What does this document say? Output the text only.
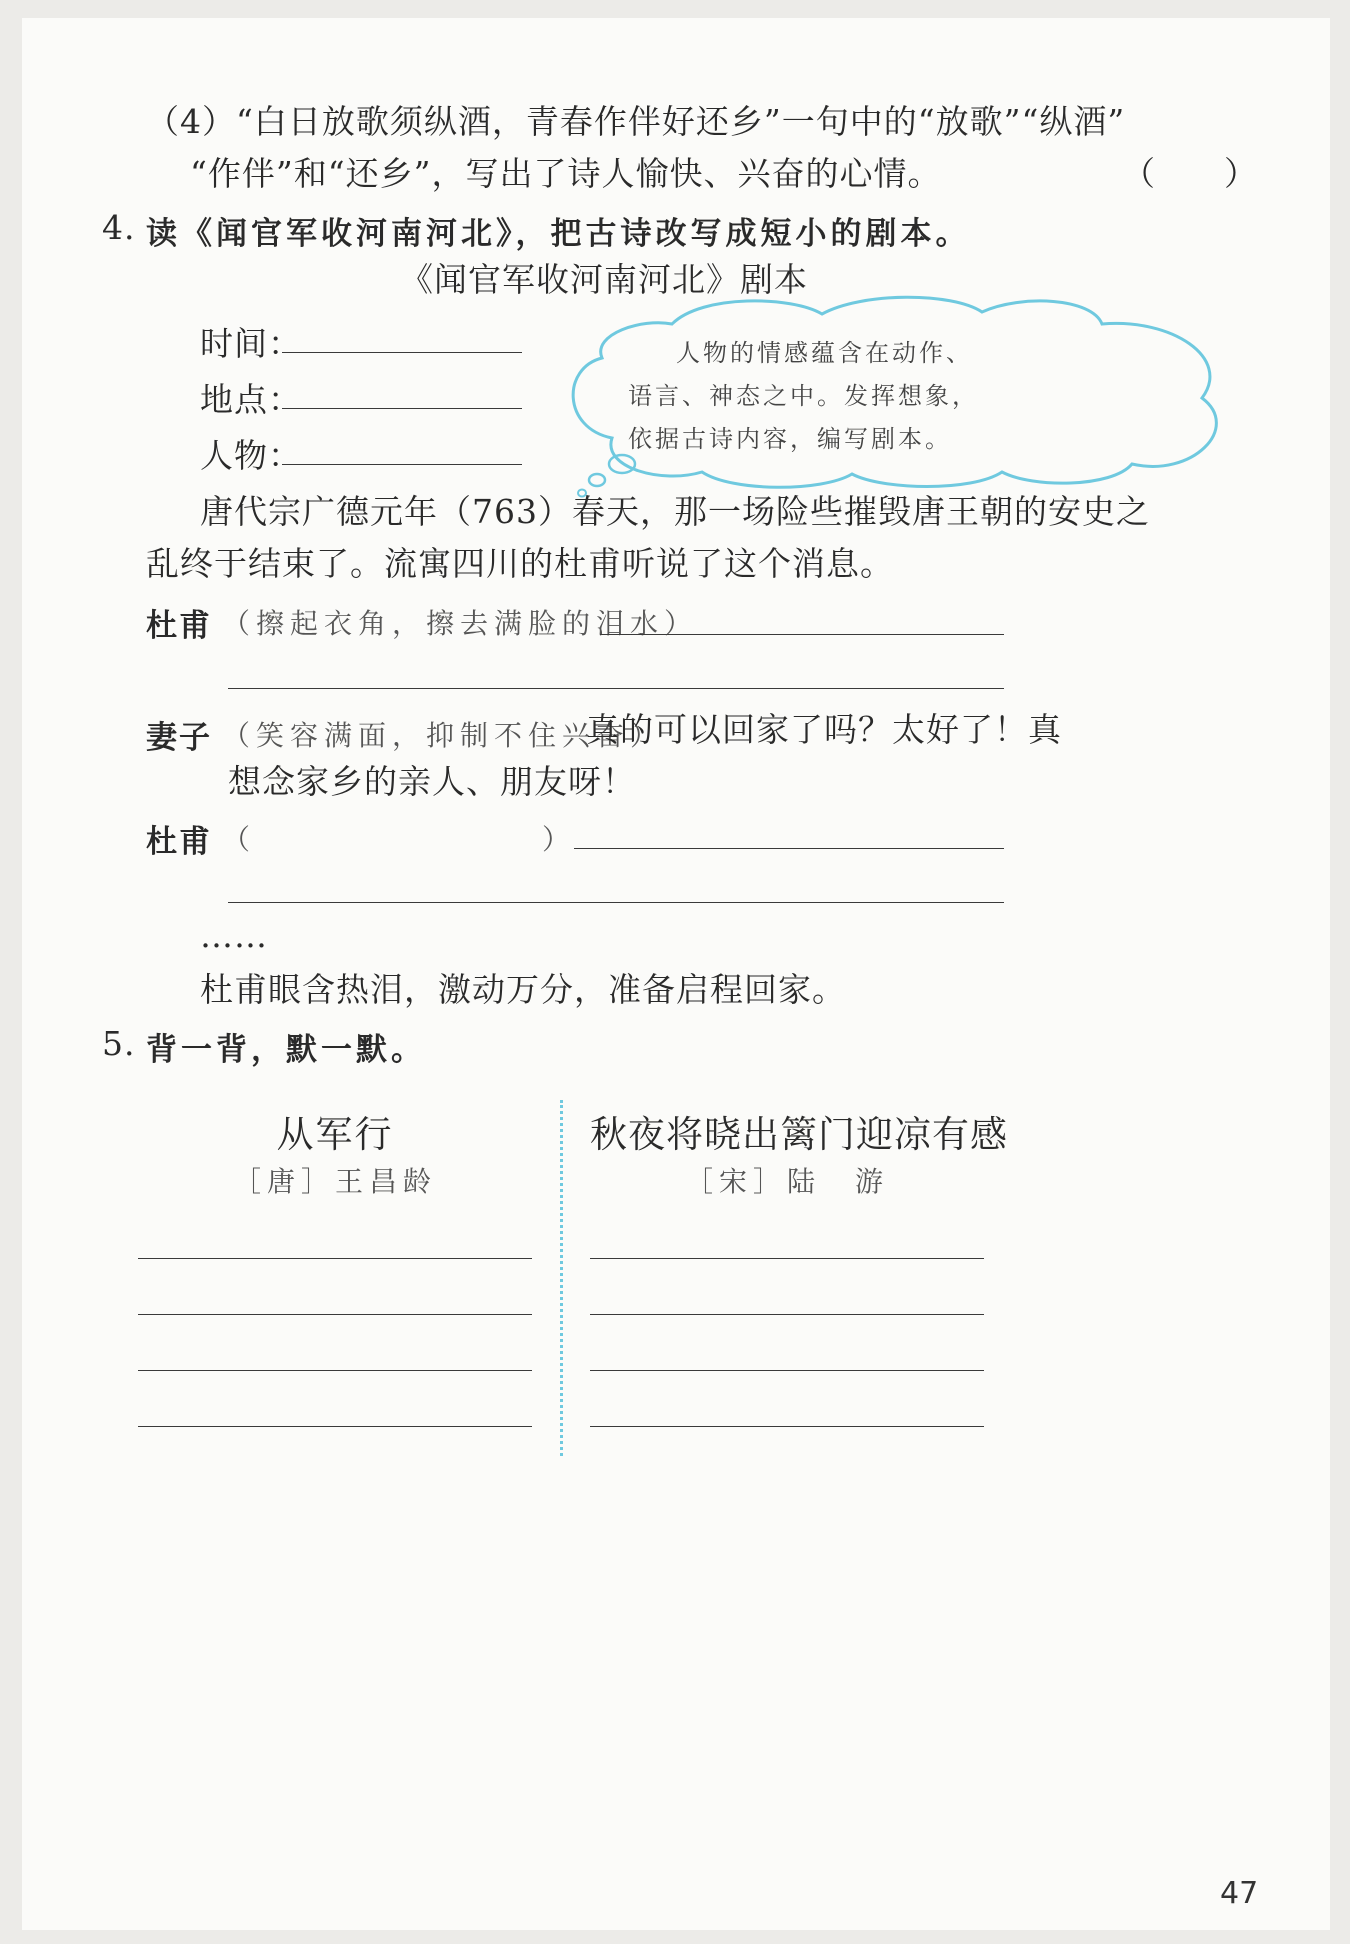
（4）“白日放歌须纵酒，青春作伴好还乡”一句中的“放歌”“纵酒”
“作伴”和“还乡”，写出了诗人愉快、兴奋的心情。	（　　）
4. 读《闻官军收河南河北》，把古诗改写成短小的剧本。
《闻官军收河南河北》剧本
时间：
地点：
人物：
人物的情感蕴含在动作、
语言、神态之中。发挥想象，
依据古诗内容，编写剧本。
唐代宗广德元年（763）春天，那一场险些摧毁唐王朝的安史之
乱终于结束了。流寓四川的杜甫听说了这个消息。
杜甫 （擦起衣角，擦去满脸的泪水）
妻子 （笑容满面，抑制不住兴奋）
真的可以回家了吗？太好了！真
想念家乡的亲人、朋友呀！
杜甫 （	）
……
杜甫眼含热泪，激动万分，准备启程回家。
5. 背一背，默一默。
从军行
［唐］王昌龄
秋夜将晓出篱门迎凉有感
［宋］陆　游
47
